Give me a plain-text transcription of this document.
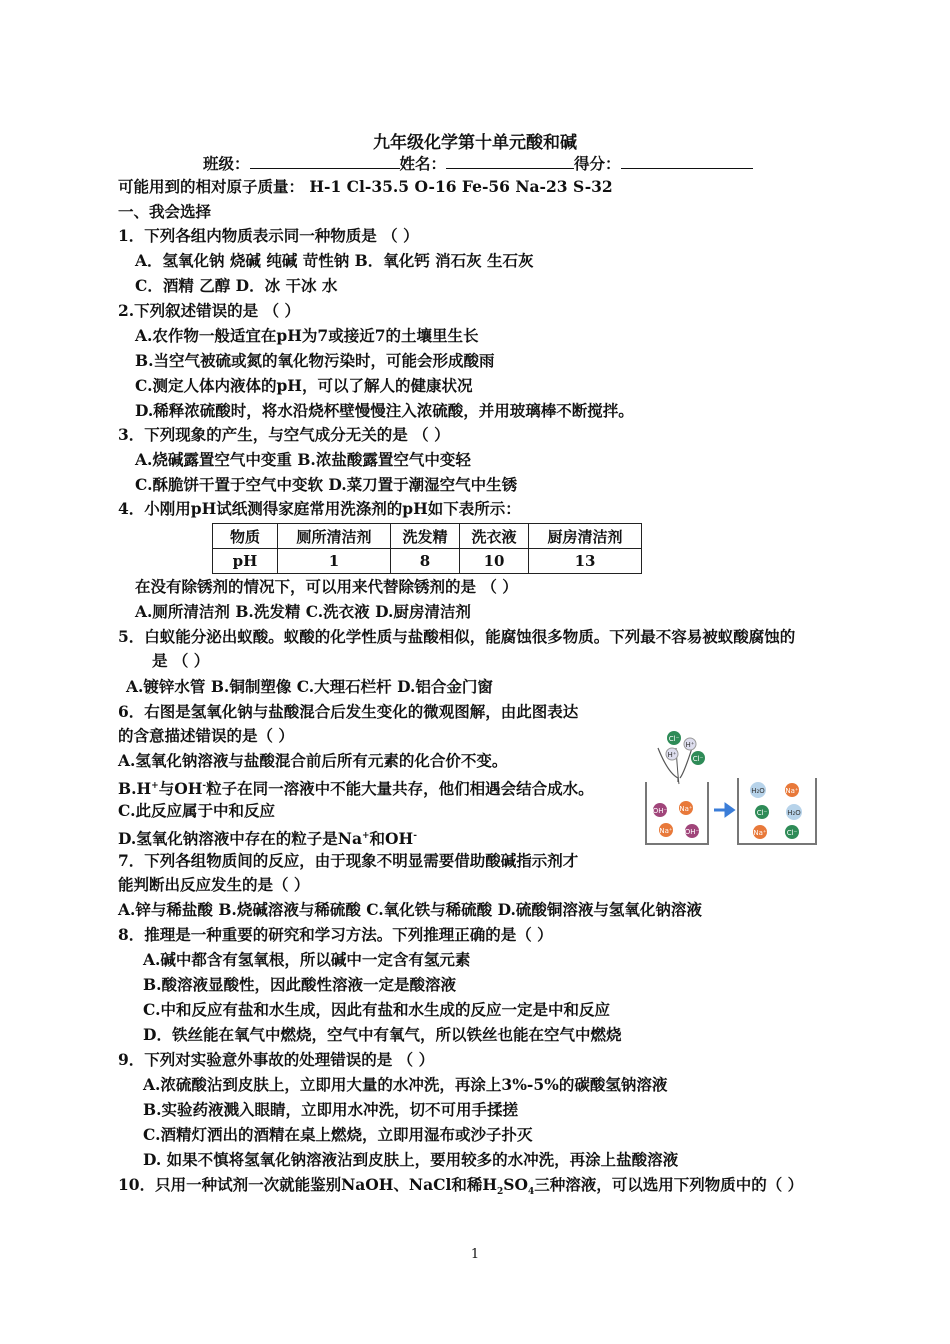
九年级化学第十单元酸和碱
班级：	姓名：	得分：
可能用到的相对原子质量： H-1 Cl-35.5 O-16 Fe-56 Na-23 S-32
一、我会选择
1．下列各组内物质表示同一种物质是 （ ）
A．氢氧化钠 烧碱 纯碱 苛性钠 B．氧化钙 消石灰 生石灰
C．酒精 乙醇 D．冰 干冰 水
2.下列叙述错误的是 （ ）
A.农作物一般适宜在pH为7或接近7的土壤里生长
B.当空气被硫或氮的氧化物污染时，可能会形成酸雨
C.测定人体内液体的pH，可以了解人的健康状况
D.稀释浓硫酸时，将水沿烧杯壁慢慢注入浓硫酸，并用玻璃棒不断搅拌。
3．下列现象的产生，与空气成分无关的是 （ ）
A.烧碱露置空气中变重 B.浓盐酸露置空气中变轻
C.酥脆饼干置于空气中变软 D.菜刀置于潮湿空气中生锈
4．小刚用pH试纸测得家庭常用洗涤剂的pH如下表所示：
物质	厕所清洁剂	洗发精	洗衣液	厨房清洁剂
pH	1	8	10	13
在没有除锈剂的情况下，可以用来代替除锈剂的是 （ ）
A.厕所清洁剂 B.洗发精 C.洗衣液 D.厨房清洁剂
5．白蚁能分泌出蚁酸。蚁酸的化学性质与盐酸相似，能腐蚀很多物质。下列最不容易被蚁酸腐蚀的
是 （ ）
A.镀锌水管 B.铜制塑像 C.大理石栏杆 D.铝合金门窗
6．右图是氢氧化钠与盐酸混合后发生变化的微观图解，由此图表达
的含意描述错误的是（ ）
A.氢氧化钠溶液与盐酸混合前后所有元素的化合价不变。
B.H+与OH-粒子在同一溶液中不能大量共存，他们相遇会结合成水。
C.此反应属于中和反应
D.氢氧化钠溶液中存在的粒子是Na+和OH-
Cl⁻
H⁺
H⁺ Cl⁻
OH⁻ Na⁺
Na⁺ OH⁻
H₂O	Na⁺
Cl⁻	H₂O
Na⁺	Cl⁻
7．下列各组物质间的反应，由于现象不明显需要借助酸碱指示剂才
能判断出反应发生的是（ ）
A.锌与稀盐酸 B.烧碱溶液与稀硫酸 C.氧化铁与稀硫酸 D.硫酸铜溶液与氢氧化钠溶液
8．推理是一种重要的研究和学习方法。下列推理正确的是（ ）
A.碱中都含有氢氧根，所以碱中一定含有氢元素
B.酸溶液显酸性，因此酸性溶液一定是酸溶液
C.中和反应有盐和水生成，因此有盐和水生成的反应一定是中和反应
D．铁丝能在氧气中燃烧，空气中有氧气，所以铁丝也能在空气中燃烧
9．下列对实验意外事故的处理错误的是 （ ）
A.浓硫酸沾到皮肤上，立即用大量的水冲洗，再涂上3%-5%的碳酸氢钠溶液
B.实验药液溅入眼睛，立即用水冲洗，切不可用手揉搓
C.酒精灯洒出的酒精在桌上燃烧，立即用湿布或沙子扑灭
D. 如果不慎将氢氧化钠溶液沾到皮肤上，要用较多的水冲洗，再涂上盐酸溶液
10．只用一种试剂一次就能鉴别NaOH、NaCl和稀$H_2SO_4$三种溶液，可以选用下列物质中的（ ）
1
